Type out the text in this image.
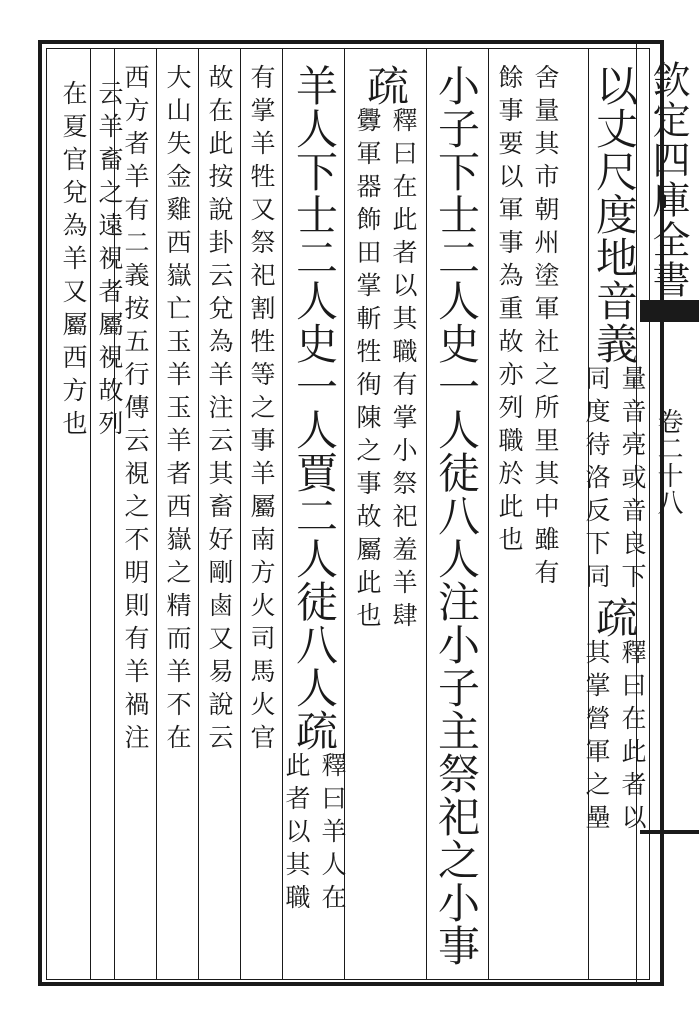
欽定四庫全書
卷二十八
以丈尺度地音義
量音亮或音良下
同度待洛反下同
疏
釋曰在此者以
其掌營軍之壘
舍量其市朝州塗軍社之所里其中雖有
餘事要以軍事為重故亦列職於此也
小子下士二人史一人徒八人注
小子主祭祀之小事
疏
釋曰在此者以其職有掌小祭祀羞羊肆
釁軍器飾田掌斬牲徇陳之事故屬此也
羊人下士二人史一人賈二人徒八人疏
釋曰羊人在
此者以其職
有掌羊牲又祭祀割牲等之事羊屬南方火司馬火官
故在此按說卦云兌為羊注云其畜好剛鹵又易說云
大山失金雞西嶽亡玉羊玉羊者西嶽之精而羊不在
西方者羊有二義按五行傳云視之不明則有羊禍注
云羊畜之遠視者屬視故列
在夏官兌為羊又屬西方也
